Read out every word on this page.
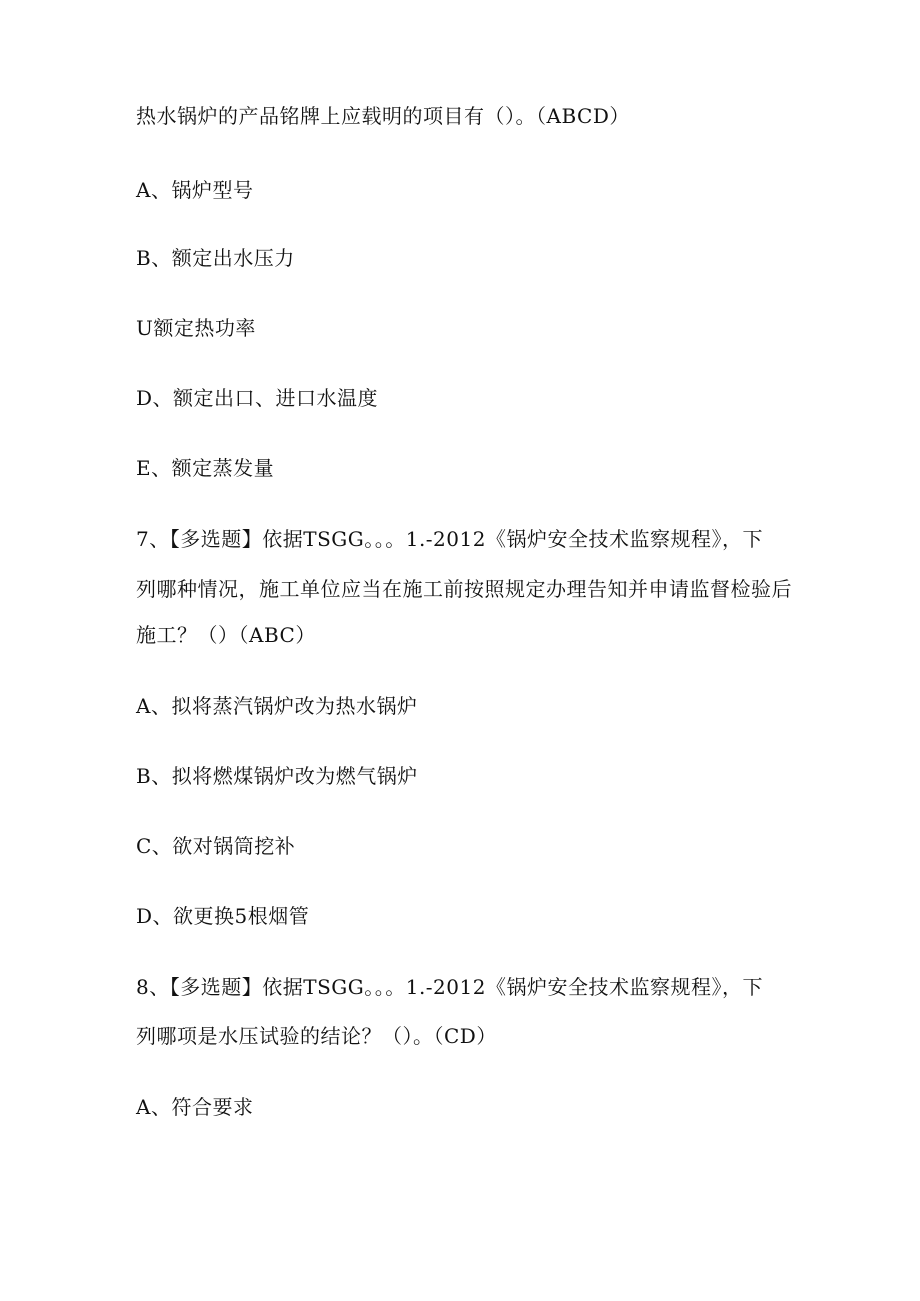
热水锅炉的产品铭牌上应载明的项目有（）。（ABCD）
A、锅炉型号
B、额定出水压力
U额定热功率
D、额定出口、进口水温度
E、额定蒸发量
7、【多选题】依据TSGG。。。1.-2012《锅炉安全技术监察规程》，下
列哪种情况，施工单位应当在施工前按照规定办理告知并申请监督检验后
施工？（）（ABC）
A、拟将蒸汽锅炉改为热水锅炉
B、拟将燃煤锅炉改为燃气锅炉
C、欲对锅筒挖补
D、欲更换5根烟管
8、【多选题】依据TSGG。。。1.-2012《锅炉安全技术监察规程》，下
列哪项是水压试验的结论？（）。（CD）
A、符合要求
